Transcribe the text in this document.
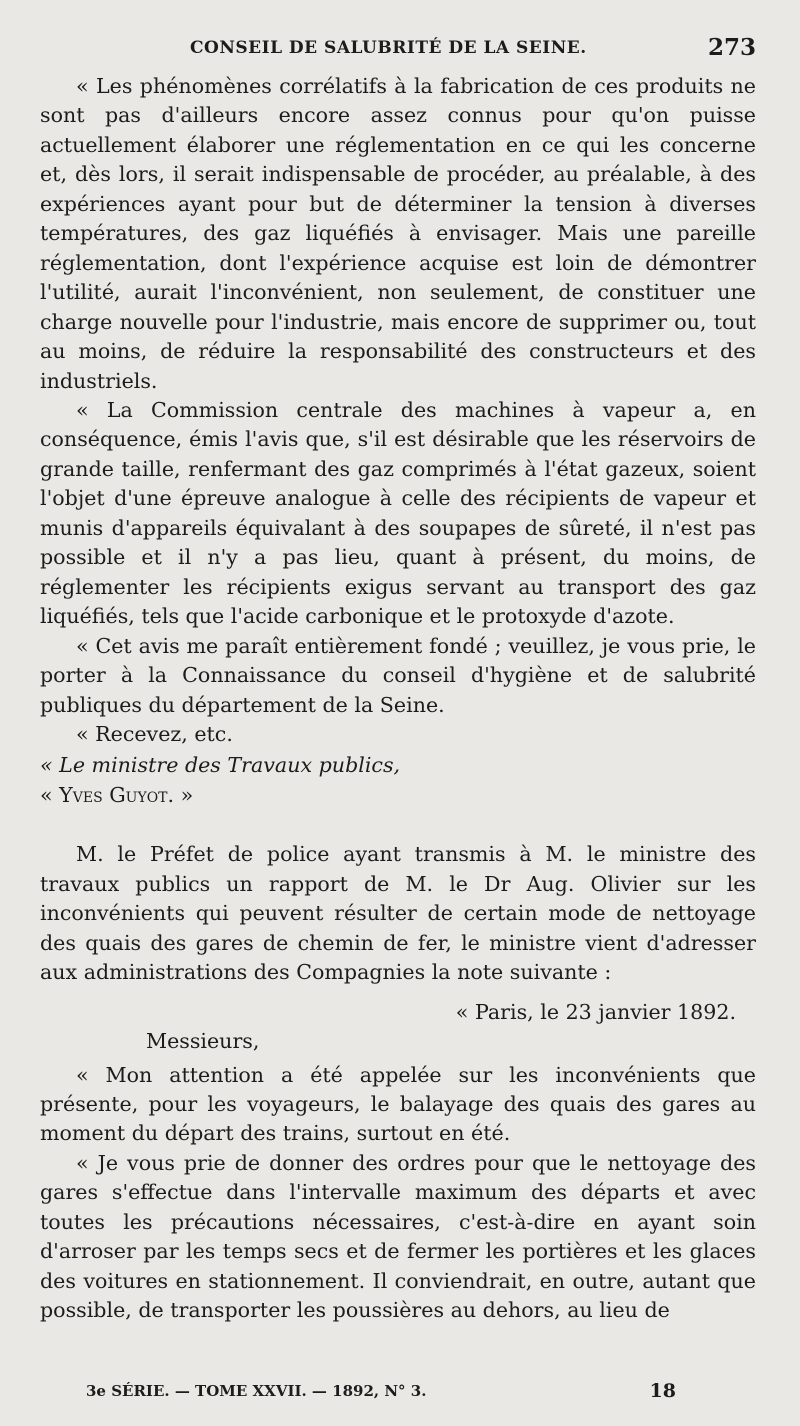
CONSEIL DE SALUBRITÉ DE LA SEINE.	273

« Les phénomènes corrélatifs à la fabrication de ces produits ne sont pas d'ailleurs encore assez connus pour qu'on puisse actuellement élaborer une réglementation en ce qui les concerne et, dès lors, il serait indispensable de procéder, au préalable, à des expériences ayant pour but de déterminer la tension à diverses températures, des gaz liquéfiés à envisager. Mais une pareille réglementation, dont l'expérience acquise est loin de démontrer l'utilité, aurait l'inconvénient, non seulement, de constituer une charge nouvelle pour l'industrie, mais encore de supprimer ou, tout au moins, de réduire la responsabilité des constructeurs et des industriels.

« La Commission centrale des machines à vapeur a, en conséquence, émis l'avis que, s'il est désirable que les réservoirs de grande taille, renfermant des gaz comprimés à l'état gazeux, soient l'objet d'une épreuve analogue à celle des récipients de vapeur et munis d'appareils équivalant à des soupapes de sûreté, il n'est pas possible et il n'y a pas lieu, quant à présent, du moins, de réglementer les récipients exigus servant au transport des gaz liquéfiés, tels que l'acide carbonique et le protoxyde d'azote.

« Cet avis me paraît entièrement fondé ; veuillez, je vous prie, le porter à la Connaissance du conseil d'hygiène et de salubrité publiques du département de la Seine.

« Recevez, etc.

« Le ministre des Travaux publics,

« Yves Guyot. »

M. le Préfet de police ayant transmis à M. le ministre des travaux publics un rapport de M. le Dr Aug. Olivier sur les inconvénients qui peuvent résulter de certain mode de nettoyage des quais des gares de chemin de fer, le ministre vient d'adresser aux administrations des Compagnies la note suivante :

« Paris, le 23 janvier 1892.

Messieurs,

« Mon attention a été appelée sur les inconvénients que présente, pour les voyageurs, le balayage des quais des gares au moment du départ des trains, surtout en été.

« Je vous prie de donner des ordres pour que le nettoyage des gares s'effectue dans l'intervalle maximum des départs et avec toutes les précautions nécessaires, c'est-à-dire en ayant soin d'arroser par les temps secs et de fermer les portières et les glaces des voitures en stationnement. Il conviendrait, en outre, autant que possible, de transporter les poussières au dehors, au lieu de

3e SÉRIE. — TOME XXVII. — 1892, N° 3.	18
